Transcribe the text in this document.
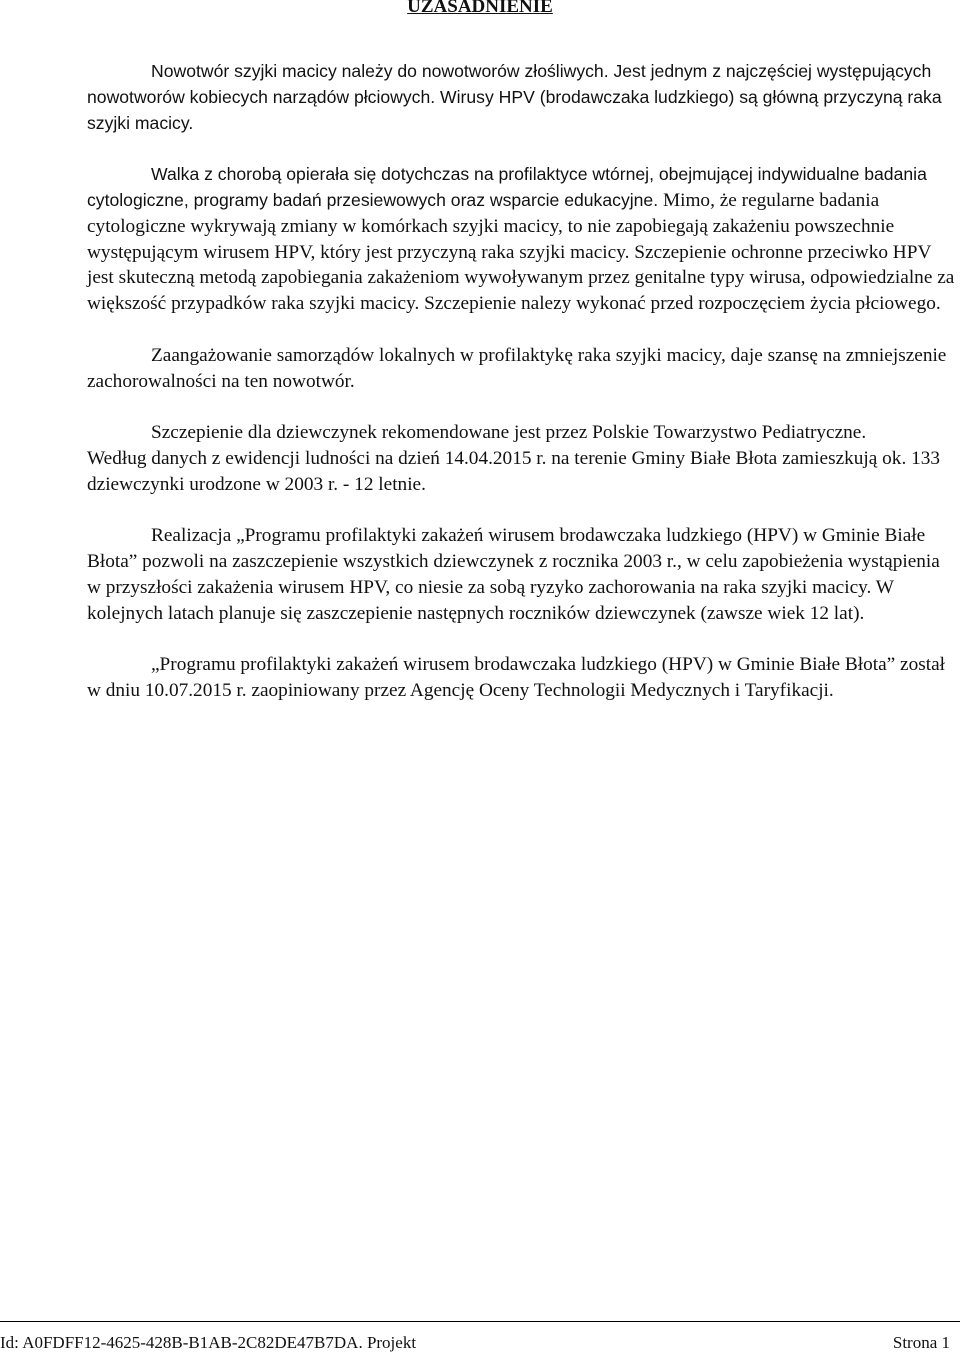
UZASADNIENIE

Nowotwór szyjki macicy należy do nowotworów złośliwych. Jest jednym z najczęściej występujących nowotworów kobiecych narządów płciowych. Wirusy HPV (brodawczaka ludzkiego) są główną przyczyną raka szyjki macicy.

Walka z chorobą opierała się dotychczas na profilaktyce wtórnej, obejmującej indywidualne badania cytologiczne, programy badań przesiewowych oraz wsparcie edukacyjne. Mimo, że regularne badania cytologiczne wykrywają zmiany w komórkach szyjki macicy, to nie zapobiegają zakażeniu powszechnie występującym wirusem HPV, który jest przyczyną raka szyjki macicy. Szczepienie ochronne przeciwko HPV jest skuteczną metodą zapobiegania zakażeniom wywoływanym przez genitalne typy wirusa, odpowiedzialne za większość przypadków raka szyjki macicy. Szczepienie nalezy wykonać przed rozpoczęciem życia płciowego.

Zaangażowanie samorządów lokalnych w profilaktykę raka szyjki macicy, daje szansę na zmniejszenie zachorowalności na ten nowotwór.

Szczepienie dla dziewczynek rekomendowane jest przez Polskie Towarzystwo Pediatryczne.

Według danych z ewidencji ludności na dzień 14.04.2015 r. na terenie Gminy Białe Błota zamieszkują ok. 133 dziewczynki urodzone w 2003 r. - 12 letnie.

Realizacja „Programu profilaktyki zakażeń wirusem brodawczaka ludzkiego (HPV) w Gminie Białe Błota” pozwoli na zaszczepienie wszystkich dziewczynek z rocznika 2003 r., w celu zapobieżenia wystąpienia w przyszłości zakażenia wirusem HPV, co niesie za sobą ryzyko zachorowania na raka szyjki macicy. W kolejnych latach planuje się zaszczepienie następnych roczników dziewczynek (zawsze wiek 12 lat).

„Programu profilaktyki zakażeń wirusem brodawczaka ludzkiego (HPV) w Gminie Białe Błota” został w dniu 10.07.2015 r. zaopiniowany przez Agencję Oceny Technologii Medycznych i Taryfikacji.

Id: A0FDFF12-4625-428B-B1AB-2C82DE47B7DA. Projekt	Strona 1
